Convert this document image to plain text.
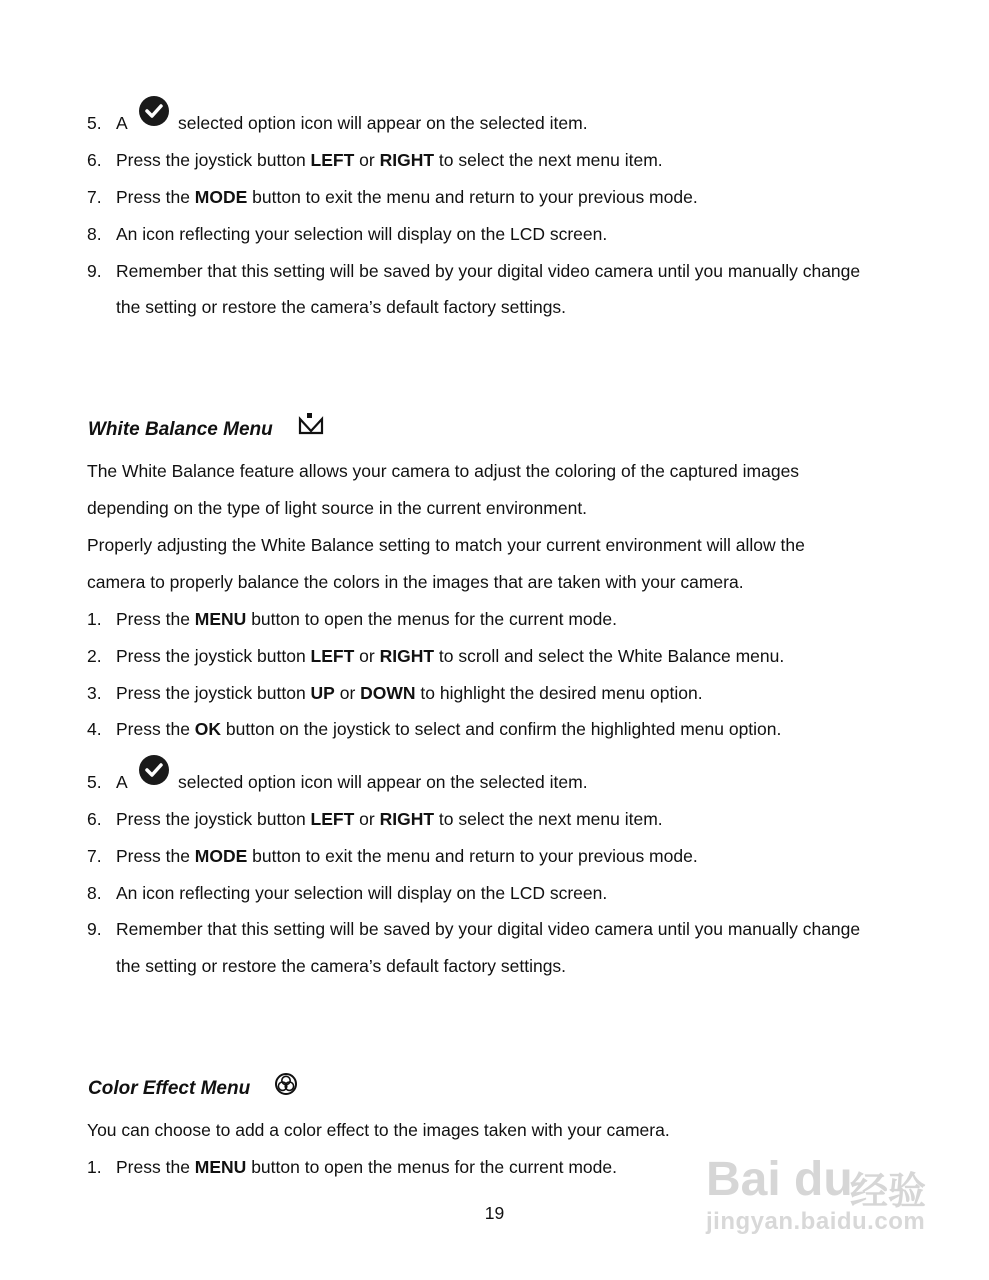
5. A	selected option icon will appear on the selected item.
6. Press the joystick button LEFT or RIGHT to select the next menu item.
7. Press the MODE button to exit the menu and return to your previous mode.
8. An icon reflecting your selection will display on the LCD screen.
9. Remember that this setting will be saved by your digital video camera until you manually change
the setting or restore the camera’s default factory settings.
White Balance Menu
The White Balance feature allows your camera to adjust the coloring of the captured images
depending on the type of light source in the current environment.
Properly adjusting the White Balance setting to match your current environment will allow the
camera to properly balance the colors in the images that are taken with your camera.
1. Press the MENU button to open the menus for the current mode.
2. Press the joystick button LEFT or RIGHT to scroll and select the White Balance menu.
3. Press the joystick button UP or DOWN to highlight the desired menu option.
4. Press the OK button on the joystick to select and confirm the highlighted menu option.
5. A	selected option icon will appear on the selected item.
6. Press the joystick button LEFT or RIGHT to select the next menu item.
7. Press the MODE button to exit the menu and return to your previous mode.
8. An icon reflecting your selection will display on the LCD screen.
9. Remember that this setting will be saved by your digital video camera until you manually change
the setting or restore the camera’s default factory settings.
Color Effect Menu
You can choose to add a color effect to the images taken with your camera.
1. Press the MENU button to open the menus for the current mode. Bai du
经验
jingyan.baidu.com
19
